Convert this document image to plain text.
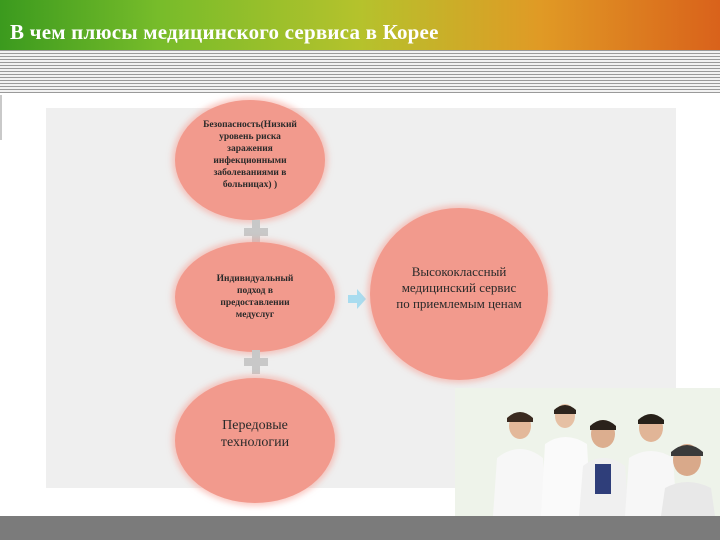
В чем плюсы медицинского сервиса в Корее
Безопасность(Низкий уровень риска заражения инфекционными заболеваниями в больницах) )
Индивидуальный подход в предоставлении медуслуг
Передовые технологии
Высококлассный медицинский сервис по приемлемым ценам
